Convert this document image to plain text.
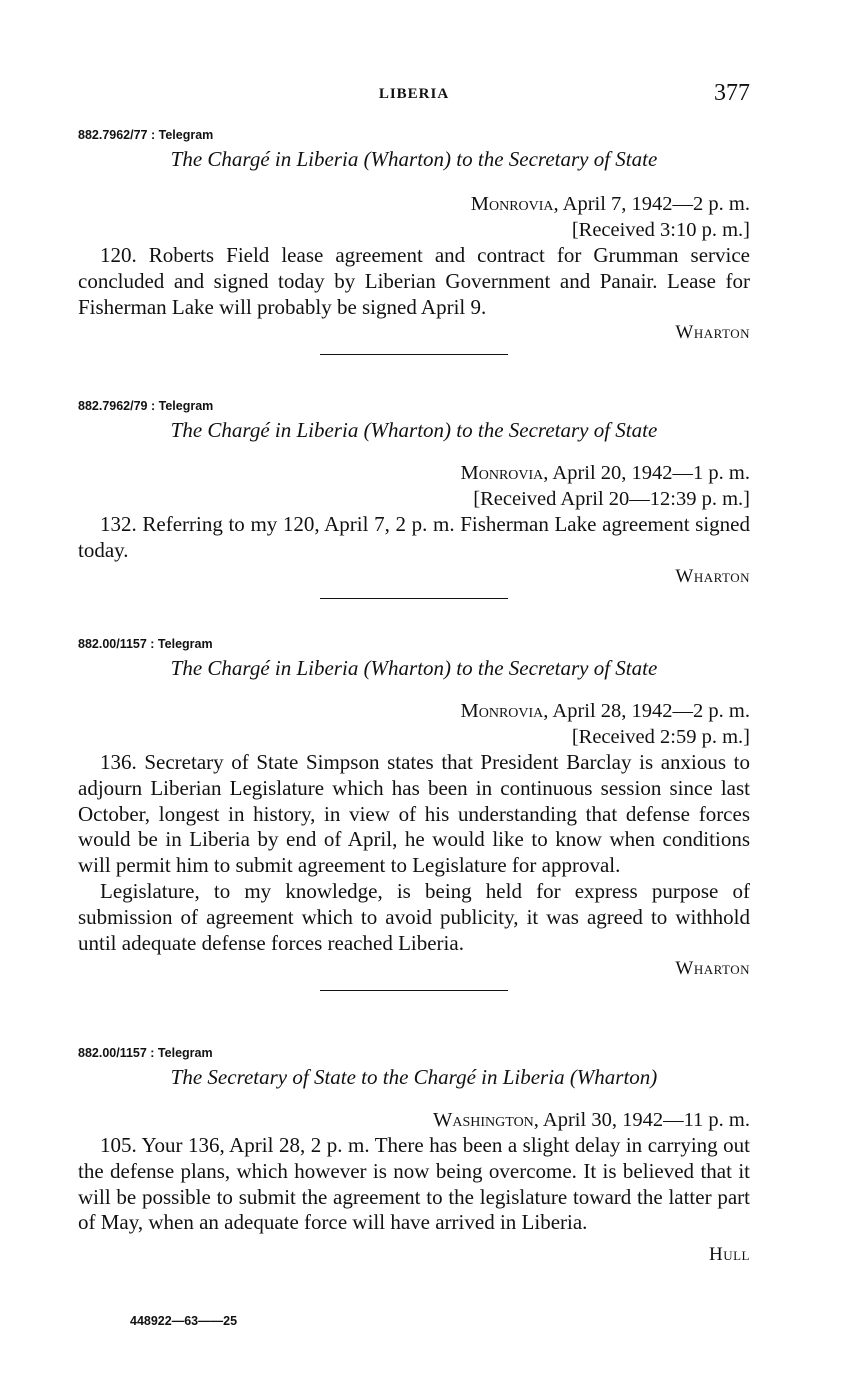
LIBERIA	377

882.7962/77 : Telegram

The Chargé in Liberia (Wharton) to the Secretary of State

Monrovia, April 7, 1942—2 p. m.

[Received 3:10 p. m.]

120. Roberts Field lease agreement and contract for Grumman service concluded and signed today by Liberian Government and Panair. Lease for Fisherman Lake will probably be signed April 9.

Wharton

882.7962/79 : Telegram

The Chargé in Liberia (Wharton) to the Secretary of State

Monrovia, April 20, 1942—1 p. m.

[Received April 20—12:39 p. m.]

132. Referring to my 120, April 7, 2 p. m. Fisherman Lake agreement signed today.

Wharton

882.00/1157 : Telegram

The Chargé in Liberia (Wharton) to the Secretary of State

Monrovia, April 28, 1942—2 p. m.

[Received 2:59 p. m.]

136. Secretary of State Simpson states that President Barclay is anxious to adjourn Liberian Legislature which has been in continuous session since last October, longest in history, in view of his understanding that defense forces would be in Liberia by end of April, he would like to know when conditions will permit him to submit agreement to Legislature for approval.

Legislature, to my knowledge, is being held for express purpose of submission of agreement which to avoid publicity, it was agreed to withhold until adequate defense forces reached Liberia.

Wharton

882.00/1157 : Telegram

The Secretary of State to the Chargé in Liberia (Wharton)

Washington, April 30, 1942—11 p. m.

105. Your 136, April 28, 2 p. m. There has been a slight delay in carrying out the defense plans, which however is now being overcome. It is believed that it will be possible to submit the agreement to the legislature toward the latter part of May, when an adequate force will have arrived in Liberia.

Hull

448922—63——25
